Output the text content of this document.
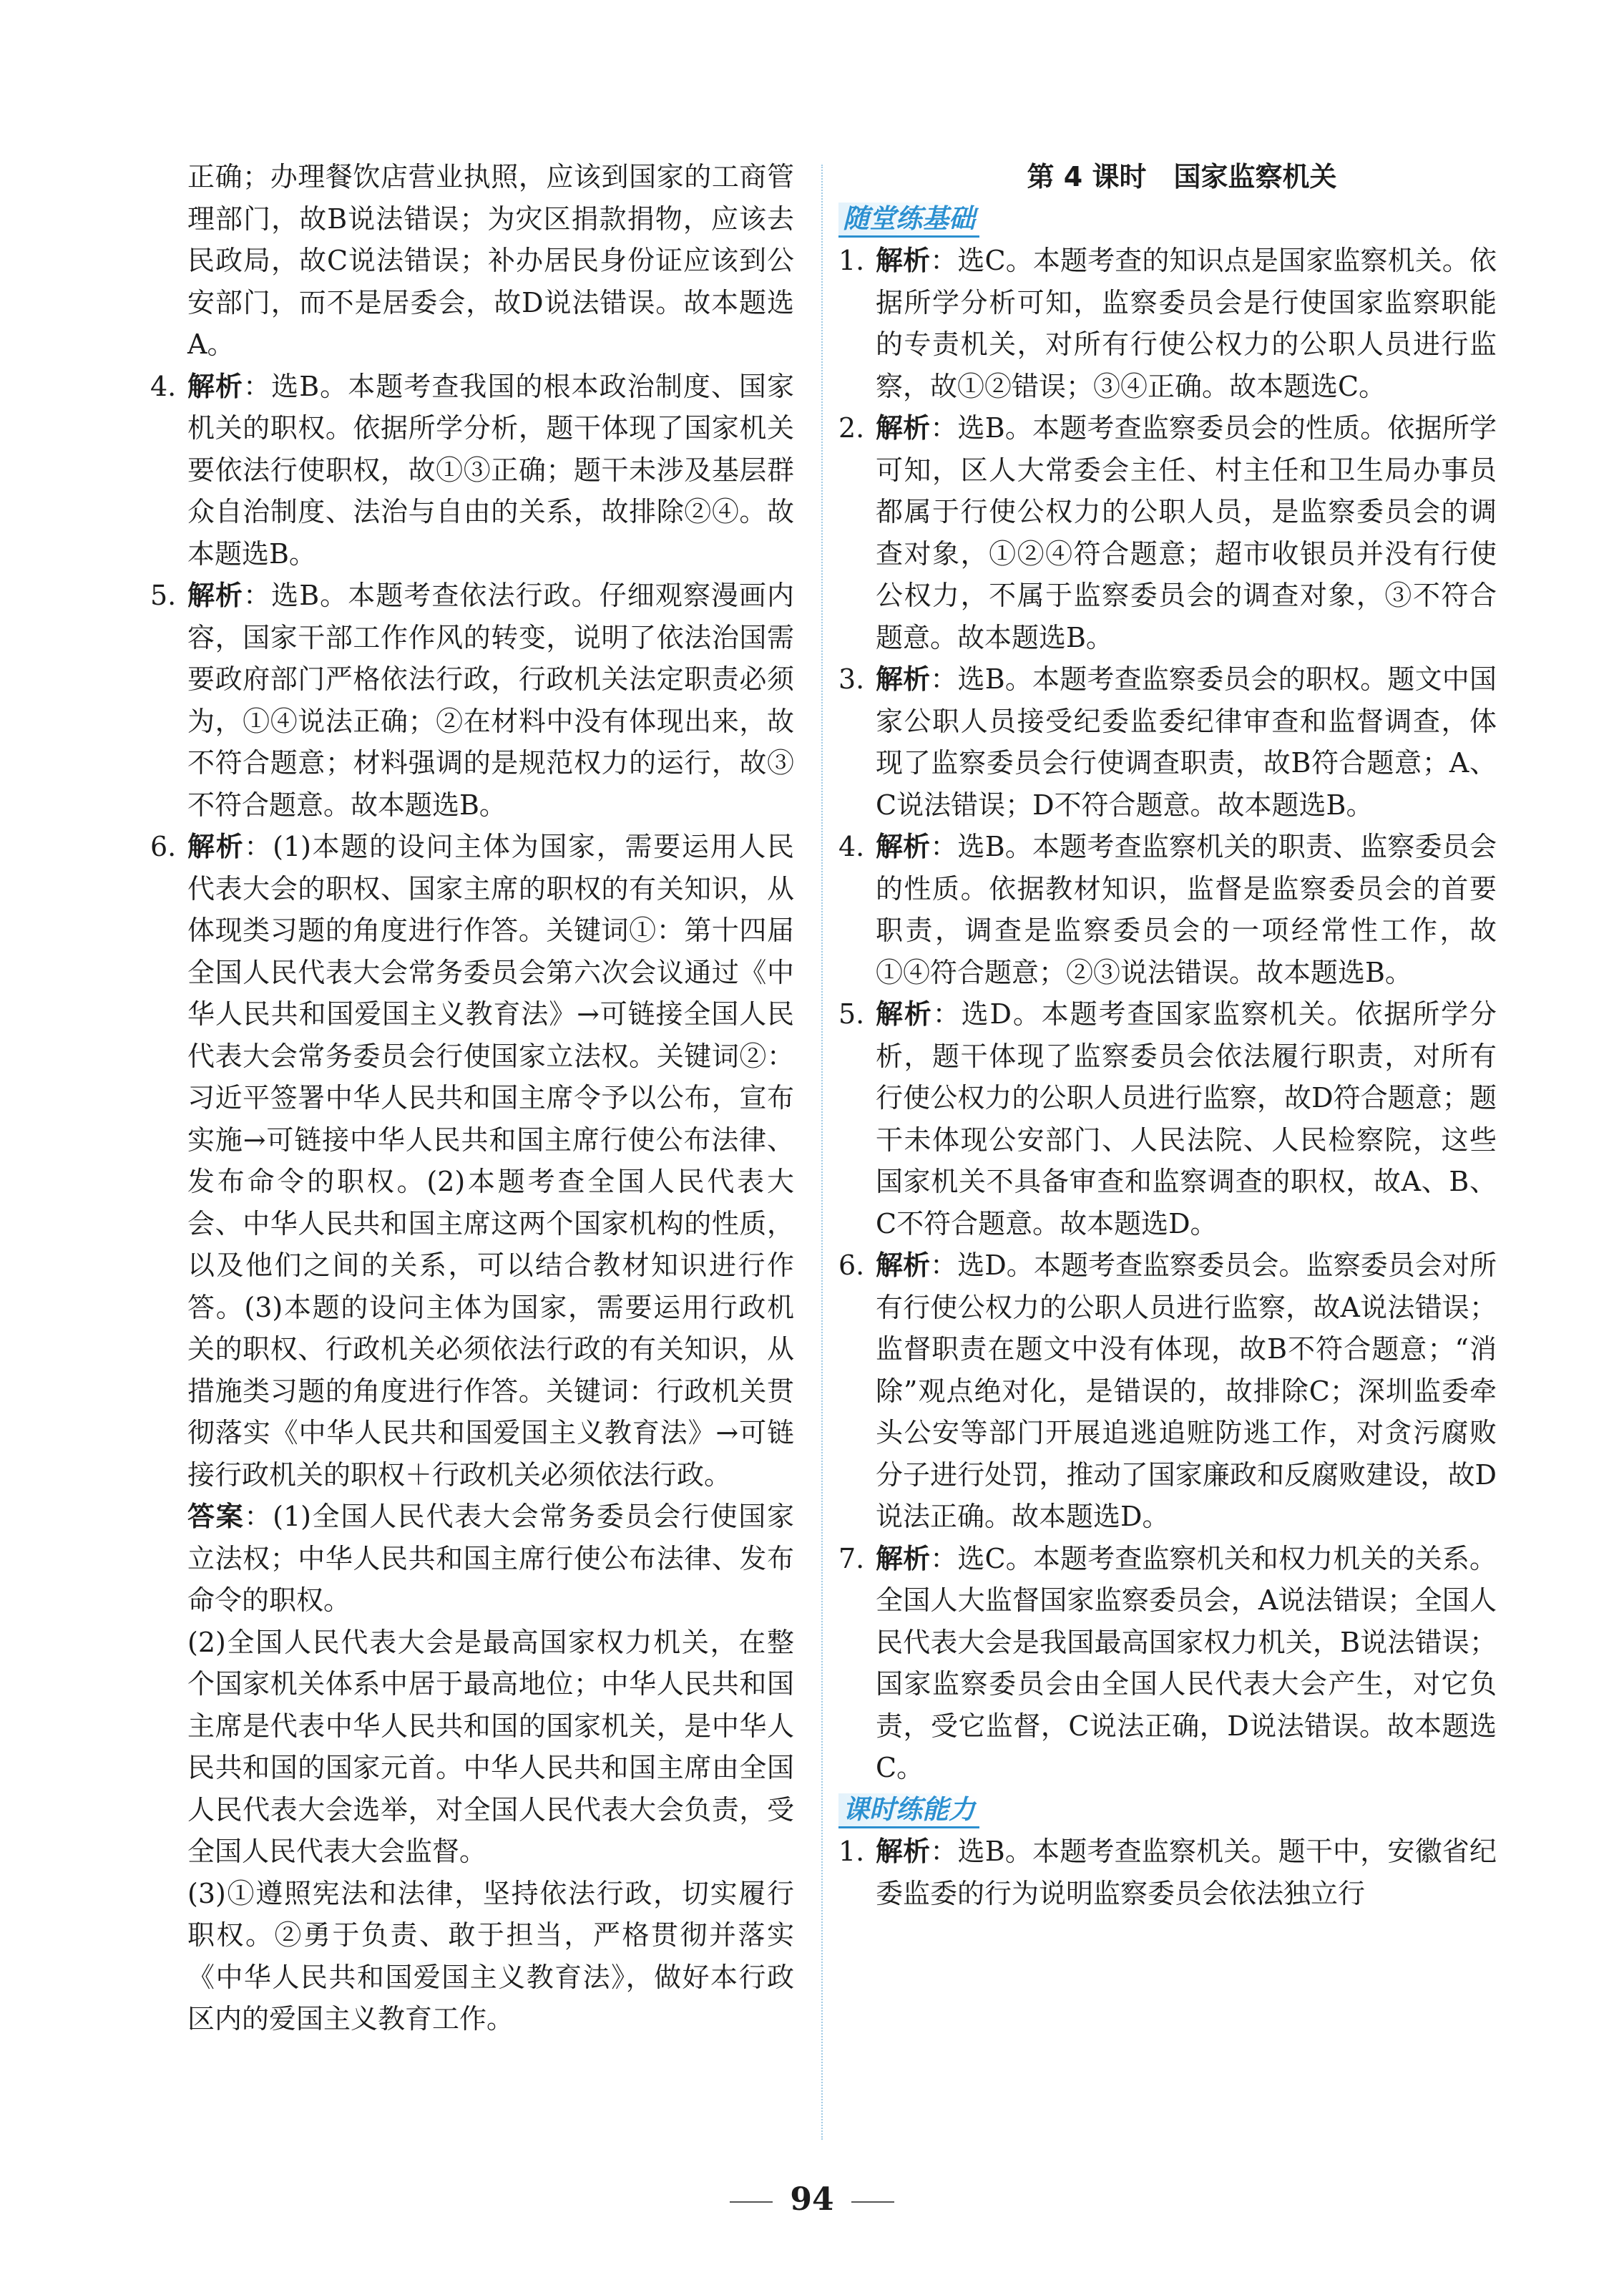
正确；办理餐饮店营业执照，应该到国家的工商管理部门，故B说法错误；为灾区捐款捐物，应该去民政局，故C说法错误；补办居民身份证应该到公安部门，而不是居委会，故D说法错误。故本题选A。
4. 解析：选B。本题考查我国的根本政治制度、国家机关的职权。依据所学分析，题干体现了国家机关要依法行使职权，故①③正确；题干未涉及基层群众自治制度、法治与自由的关系，故排除②④。故本题选B。
5. 解析：选B。本题考查依法行政。仔细观察漫画内容，国家干部工作作风的转变，说明了依法治国需要政府部门严格依法行政，行政机关法定职责必须为，①④说法正确；②在材料中没有体现出来，故不符合题意；材料强调的是规范权力的运行，故③不符合题意。故本题选B。
6. 解析：(1)本题的设问主体为国家，需要运用人民代表大会的职权、国家主席的职权的有关知识，从体现类习题的角度进行作答。关键词①：第十四届全国人民代表大会常务委员会第六次会议通过《中华人民共和国爱国主义教育法》→可链接全国人民代表大会常务委员会行使国家立法权。关键词②：习近平签署中华人民共和国主席令予以公布，宣布实施→可链接中华人民共和国主席行使公布法律、发布命令的职权。(2)本题考查全国人民代表大会、中华人民共和国主席这两个国家机构的性质，以及他们之间的关系，可以结合教材知识进行作答。(3)本题的设问主体为国家，需要运用行政机关的职权、行政机关必须依法行政的有关知识，从措施类习题的角度进行作答。关键词：行政机关贯彻落实《中华人民共和国爱国主义教育法》→可链接行政机关的职权＋行政机关必须依法行政。
答案：(1)全国人民代表大会常务委员会行使国家立法权；中华人民共和国主席行使公布法律、发布命令的职权。
(2)全国人民代表大会是最高国家权力机关，在整个国家机关体系中居于最高地位；中华人民共和国主席是代表中华人民共和国的国家机关，是中华人民共和国的国家元首。中华人民共和国主席由全国人民代表大会选举，对全国人民代表大会负责，受全国人民代表大会监督。
(3)①遵照宪法和法律，坚持依法行政，切实履行职权。②勇于负责、敢于担当，严格贯彻并落实《中华人民共和国爱国主义教育法》，做好本行政区内的爱国主义教育工作。
第 4 课时　国家监察机关
随堂练基础
1. 解析：选C。本题考查的知识点是国家监察机关。依据所学分析可知，监察委员会是行使国家监察职能的专责机关，对所有行使公权力的公职人员进行监察，故①②错误；③④正确。故本题选C。
2. 解析：选B。本题考查监察委员会的性质。依据所学可知，区人大常委会主任、村主任和卫生局办事员都属于行使公权力的公职人员，是监察委员会的调查对象，①②④符合题意；超市收银员并没有行使公权力，不属于监察委员会的调查对象，③不符合题意。故本题选B。
3. 解析：选B。本题考查监察委员会的职权。题文中国家公职人员接受纪委监委纪律审查和监督调查，体现了监察委员会行使调查职责，故B符合题意；A、C说法错误；D不符合题意。故本题选B。
4. 解析：选B。本题考查监察机关的职责、监察委员会的性质。依据教材知识，监督是监察委员会的首要职责，调查是监察委员会的一项经常性工作，故①④符合题意；②③说法错误。故本题选B。
5. 解析：选D。本题考查国家监察机关。依据所学分析，题干体现了监察委员会依法履行职责，对所有行使公权力的公职人员进行监察，故D符合题意；题干未体现公安部门、人民法院、人民检察院，这些国家机关不具备审查和监察调查的职权，故A、B、C不符合题意。故本题选D。
6. 解析：选D。本题考查监察委员会。监察委员会对所有行使公权力的公职人员进行监察，故A说法错误；监督职责在题文中没有体现，故B不符合题意；“消除”观点绝对化，是错误的，故排除C；深圳监委牵头公安等部门开展追逃追赃防逃工作，对贪污腐败分子进行处罚，推动了国家廉政和反腐败建设，故D说法正确。故本题选D。
7. 解析：选C。本题考查监察机关和权力机关的关系。全国人大监督国家监察委员会，A说法错误；全国人民代表大会是我国最高国家权力机关，B说法错误；国家监察委员会由全国人民代表大会产生，对它负责，受它监督，C说法正确，D说法错误。故本题选C。
课时练能力
1. 解析：选B。本题考查监察机关。题干中，安徽省纪委监委的行为说明监察委员会依法独立行
94
